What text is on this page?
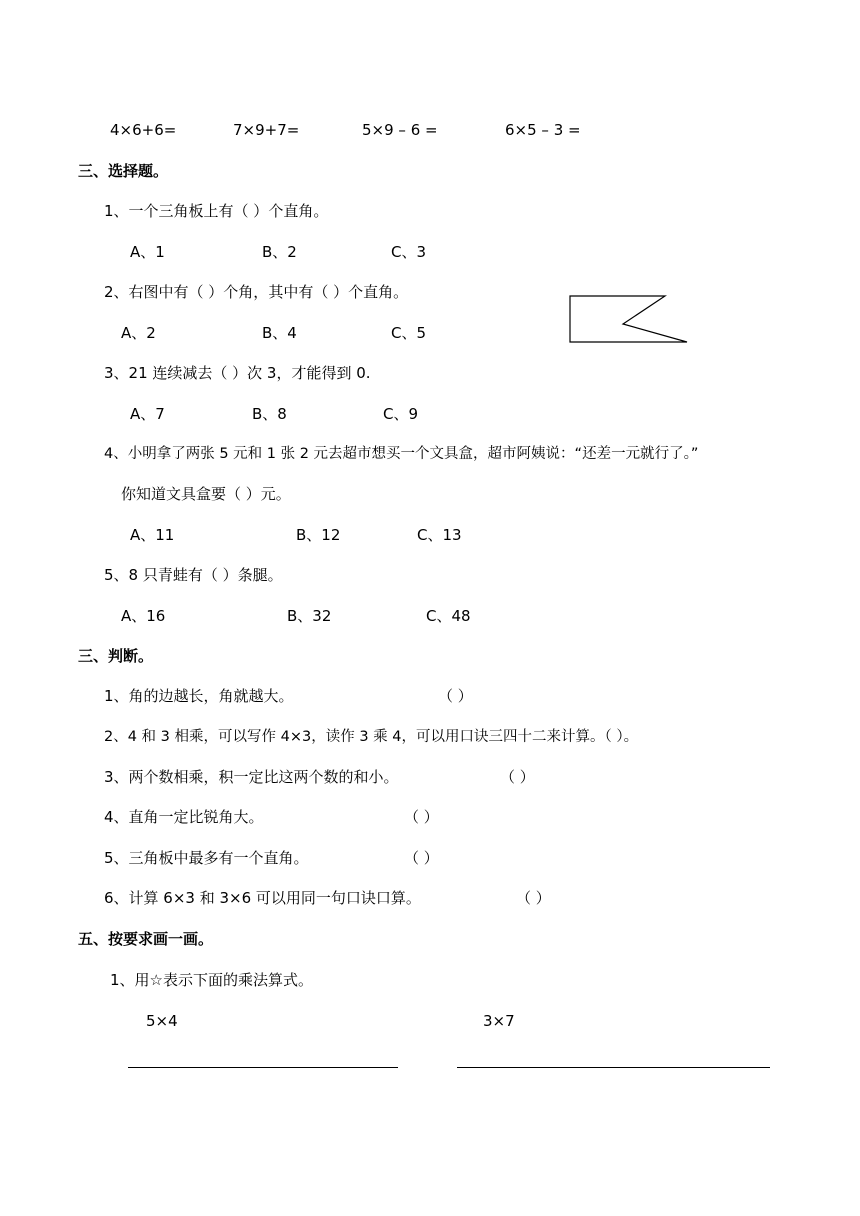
4×6+6=	7×9+7=	5×9 – 6 =	6×5 – 3 =
三、选择题。
1、一个三角板上有（ ）个直角。
A、1	B、2	C、3
2、右图中有（ ）个角，其中有（ ）个直角。
A、2	B、4	C、5
3、21 连续减去（ ）次 3，才能得到 0.
A、7	B、8	C、9
4、小明拿了两张 5 元和 1 张 2 元去超市想买一个文具盒，超市阿姨说：“还差一元就行了。”
你知道文具盒要（ ）元。
A、11	B、12	C、13
5、8 只青蛙有（ ）条腿。
A、16	B、32	C、48
三、判断。
1、角的边越长，角就越大。	（ ）
2、4 和 3 相乘，可以写作 4×3，读作 3 乘 4，可以用口诀三四十二来计算。（ ）。
3、两个数相乘，积一定比这两个数的和小。	（ ）
4、直角一定比锐角大。	（ ）
5、三角板中最多有一个直角。	（ ）
6、计算 6×3 和 3×6 可以用同一句口诀口算。	（ ）
五、按要求画一画。
1、用☆表示下面的乘法算式。
5×4	3×7
